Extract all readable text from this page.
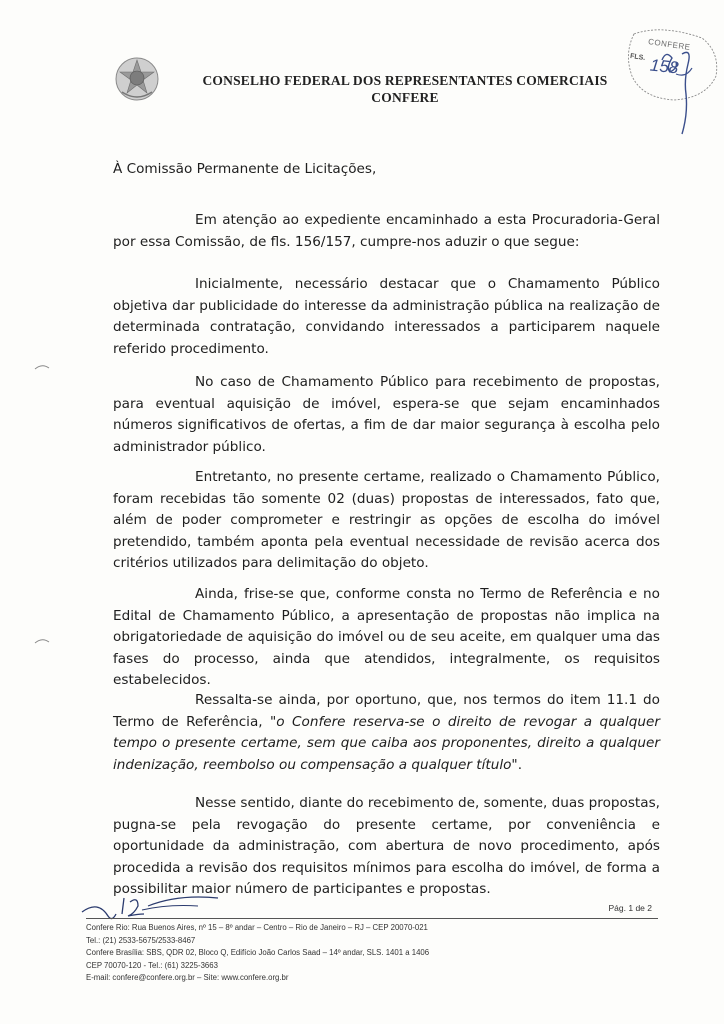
CONSELHO FEDERAL DOS REPRESENTANTES COMERCIAIS
CONFERE
CONFERE
FLS. 158
À Comissão Permanente de Licitações,
Em atenção ao expediente encaminhado a esta Procuradoria-Geral por essa Comissão, de fls. 156/157, cumpre-nos aduzir o que segue:
Inicialmente, necessário destacar que o Chamamento Público objetiva dar publicidade do interesse da administração pública na realização de determinada contratação, convidando interessados a participarem naquele referido procedimento.
No caso de Chamamento Público para recebimento de propostas, para eventual aquisição de imóvel, espera-se que sejam encaminhados números significativos de ofertas, a fim de dar maior segurança à escolha pelo administrador público.
Entretanto, no presente certame, realizado o Chamamento Público, foram recebidas tão somente 02 (duas) propostas de interessados, fato que, além de poder comprometer e restringir as opções de escolha do imóvel pretendido, também aponta pela eventual necessidade de revisão acerca dos critérios utilizados para delimitação do objeto.
Ainda, frise-se que, conforme consta no Termo de Referência e no Edital de Chamamento Público, a apresentação de propostas não implica na obrigatoriedade de aquisição do imóvel ou de seu aceite, em qualquer uma das fases do processo, ainda que atendidos, integralmente, os requisitos estabelecidos.
Ressalta-se ainda, por oportuno, que, nos termos do item 11.1 do Termo de Referência, "o Confere reserva-se o direito de revogar a qualquer tempo o presente certame, sem que caiba aos proponentes, direito a qualquer indenização, reembolso ou compensação a qualquer título".
Nesse sentido, diante do recebimento de, somente, duas propostas, pugna-se pela revogação do presente certame, por conveniência e oportunidade da administração, com abertura de novo procedimento, após procedida a revisão dos requisitos mínimos para escolha do imóvel, de forma a possibilitar maior número de participantes e propostas.
Pág. 1 de 2
Confere Rio: Rua Buenos Aires, nº 15 – 8º andar – Centro – Rio de Janeiro – RJ – CEP 20070-021
Tel.: (21) 2533-5675/2533-8467
Confere Brasília: SBS, QDR 02, Bloco Q, Edifício João Carlos Saad – 14º andar, SLS. 1401 a 1406
CEP 70070-120 - Tel.: (61) 3225-3663
E-mail: confere@confere.org.br – Site: www.confere.org.br
